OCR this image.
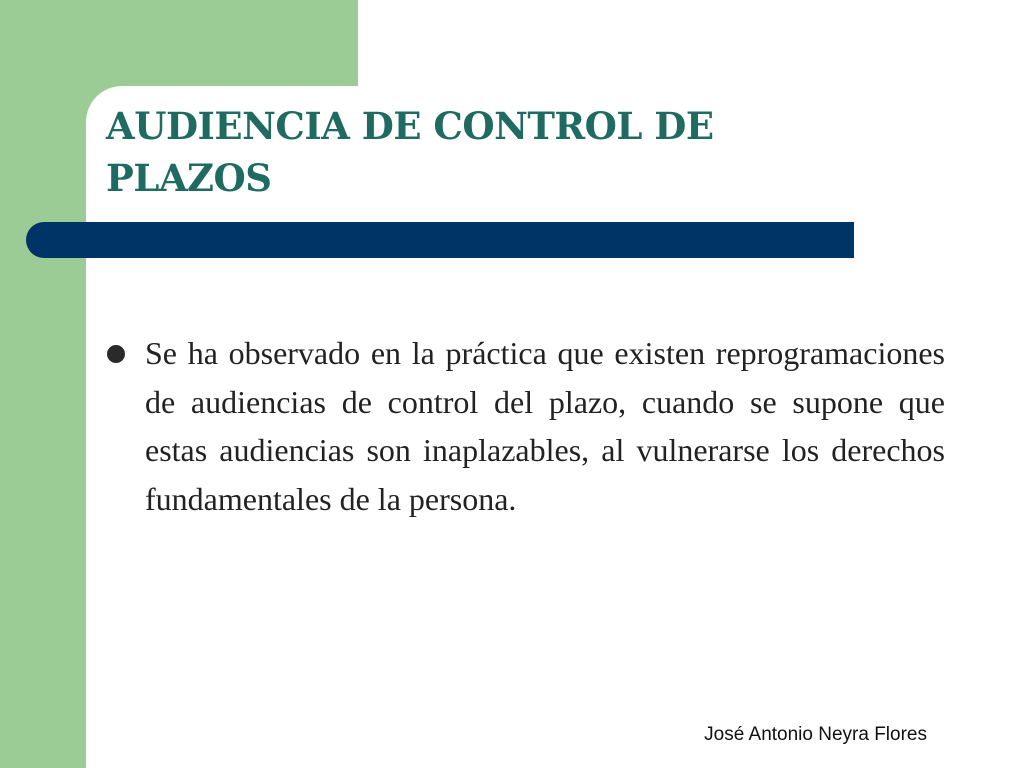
AUDIENCIA DE CONTROL DE
PLAZOS

Se ha observado en la práctica que existen reprogramaciones de audiencias de control del plazo, cuando se supone que estas audiencias son inaplazables, al vulnerarse los derechos fundamentales de la persona.

José Antonio Neyra Flores
